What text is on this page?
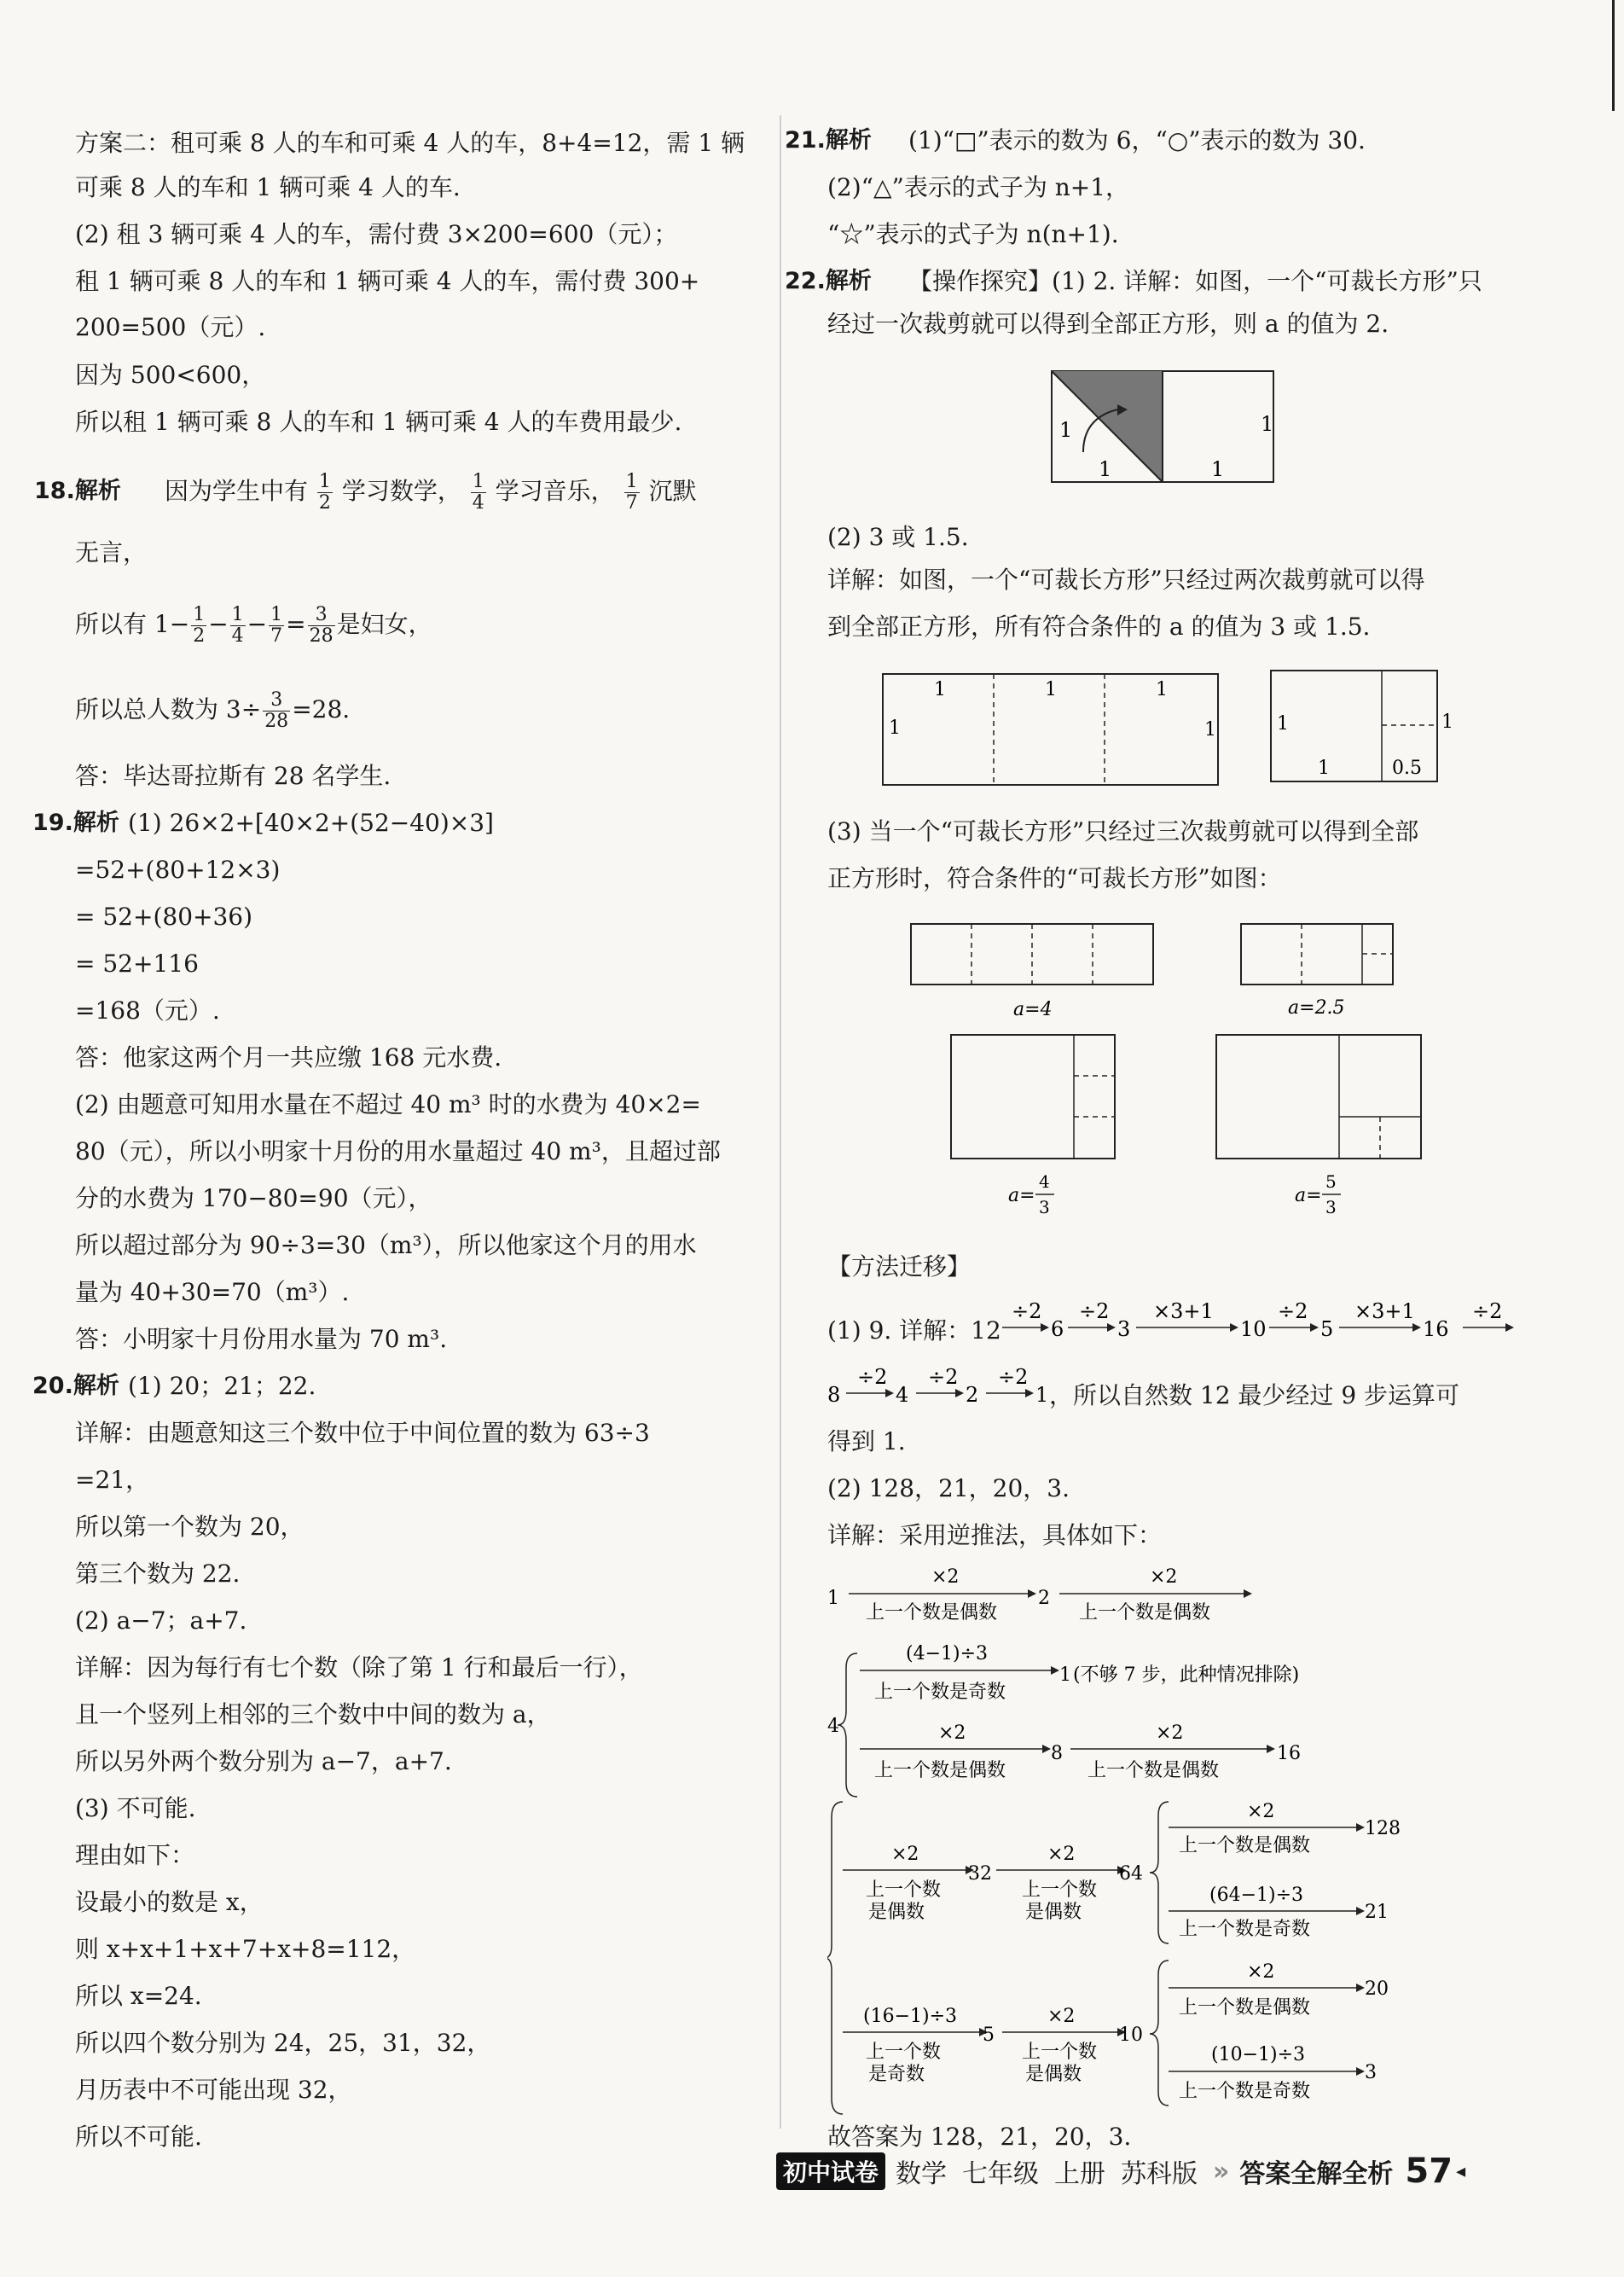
方案二：租可乘 8 人的车和可乘 4 人的车，8+4=12，需 1 辆
可乘 8 人的车和 1 辆可乘 4 人的车.
(2) 租 3 辆可乘 4 人的车，需付费 3×200=600（元）；
租 1 辆可乘 8 人的车和 1 辆可乘 4 人的车，需付费 300+
200=500（元）.
因为 500<600，
所以租 1 辆可乘 8 人的车和 1 辆可乘 4 人的车费用最少.
18.解析 因为学生中有 $\frac{1}{2}$ 学习数学， $\frac{1}{4}$ 学习音乐， $\frac{1}{7}$ 沉默
无言，
所以有 $1- \frac{1}{2} - \frac{1}{4} - \frac{1}{7} = \frac{3}{28}$ 是妇女，
所以总人数为 $3\div \frac{3}{28} =28$.
答：毕达哥拉斯有 28 名学生.
19.解析 (1) 26×2+[40×2+(52−40)×3]
=52+(80+12×3)
= 52+(80+36)
= 52+116
=168（元）.
答：他家这两个月一共应缴 168 元水费.
(2) 由题意可知用水量在不超过 40 m³ 时的水费为 40×2=
80（元），所以小明家十月份的用水量超过 40 m³，且超过部
分的水费为 170−80=90（元），
所以超过部分为 90÷3=30（m³），所以他家这个月的用水
量为 40+30=70（m³）.
答：小明家十月份用水量为 70 m³.
20.解析 (1) 20；21；22.
详解：由题意知这三个数中位于中间位置的数为 63÷3
=21，
所以第一个数为 20，
第三个数为 22.
(2) a−7；a+7.
详解：因为每行有七个数（除了第 1 行和最后一行），
且一个竖列上相邻的三个数中中间的数为 a，
所以另外两个数分别为 a−7，a+7.
(3) 不可能.
理由如下：
设最小的数是 x，
则 x+x+1+x+7+x+8=112，
所以 x=24.
所以四个数分别为 24，25，31，32，
月历表中不可能出现 32，
所以不可能.
21.解析 (1)“□”表示的数为 6，“○”表示的数为 30.
(2)“△”表示的式子为 n+1，
“☆”表示的式子为 n(n+1).
22.解析 【操作探究】(1) 2. 详解：如图，一个“可裁长方形”只
经过一次裁剪就可以得到全部正方形，则 a 的值为 2.
1
1	1
1
(2) 3 或 1.5.
详解：如图，一个“可裁长方形”只经过两次裁剪就可以得
到全部正方形，所有符合条件的 a 的值为 3 或 1.5.
1	1	1
1	1	1
1
1
0.5
(3) 当一个“可裁长方形”只经过三次裁剪就可以得到全部
正方形时，符合条件的“可裁长方形”如图：
a=4	a=2.5
a=
4
3
a=
5
3
【方法迁移】
(1) 9. 详解：12
÷2
6
÷2
3
×3+1
10
÷2
5
×3+1
16
÷2
8
÷2
4
÷2
2
÷2
1 ，所以自然数 12 最少经过 9 步运算可
得到 1.
(2) 128，21，20，3.
详解：采用逆推法，具体如下：
1
×2
上一个数是偶数
2
×2
上一个数是偶数
4
(4−1)÷3
上一个数是奇数
1 (不够 7 步，此种情况排除)
×2
上一个数是偶数
8
×2
上一个数是偶数
16
×2
上一个数
是偶数
32
×2
上一个数
是偶数
64
×2
上一个数是偶数
128
(64−1)÷3
上一个数是奇数
21
(16−1)÷3
上一个数
是奇数
5
×2
上一个数
是偶数
10
×2
上一个数是偶数
20
(10−1)÷3
上一个数是奇数
3
故答案为 128，21，20，3.
初中试卷 数学 七年级 上册 苏科版 » 答案全解全析 57 ◂
